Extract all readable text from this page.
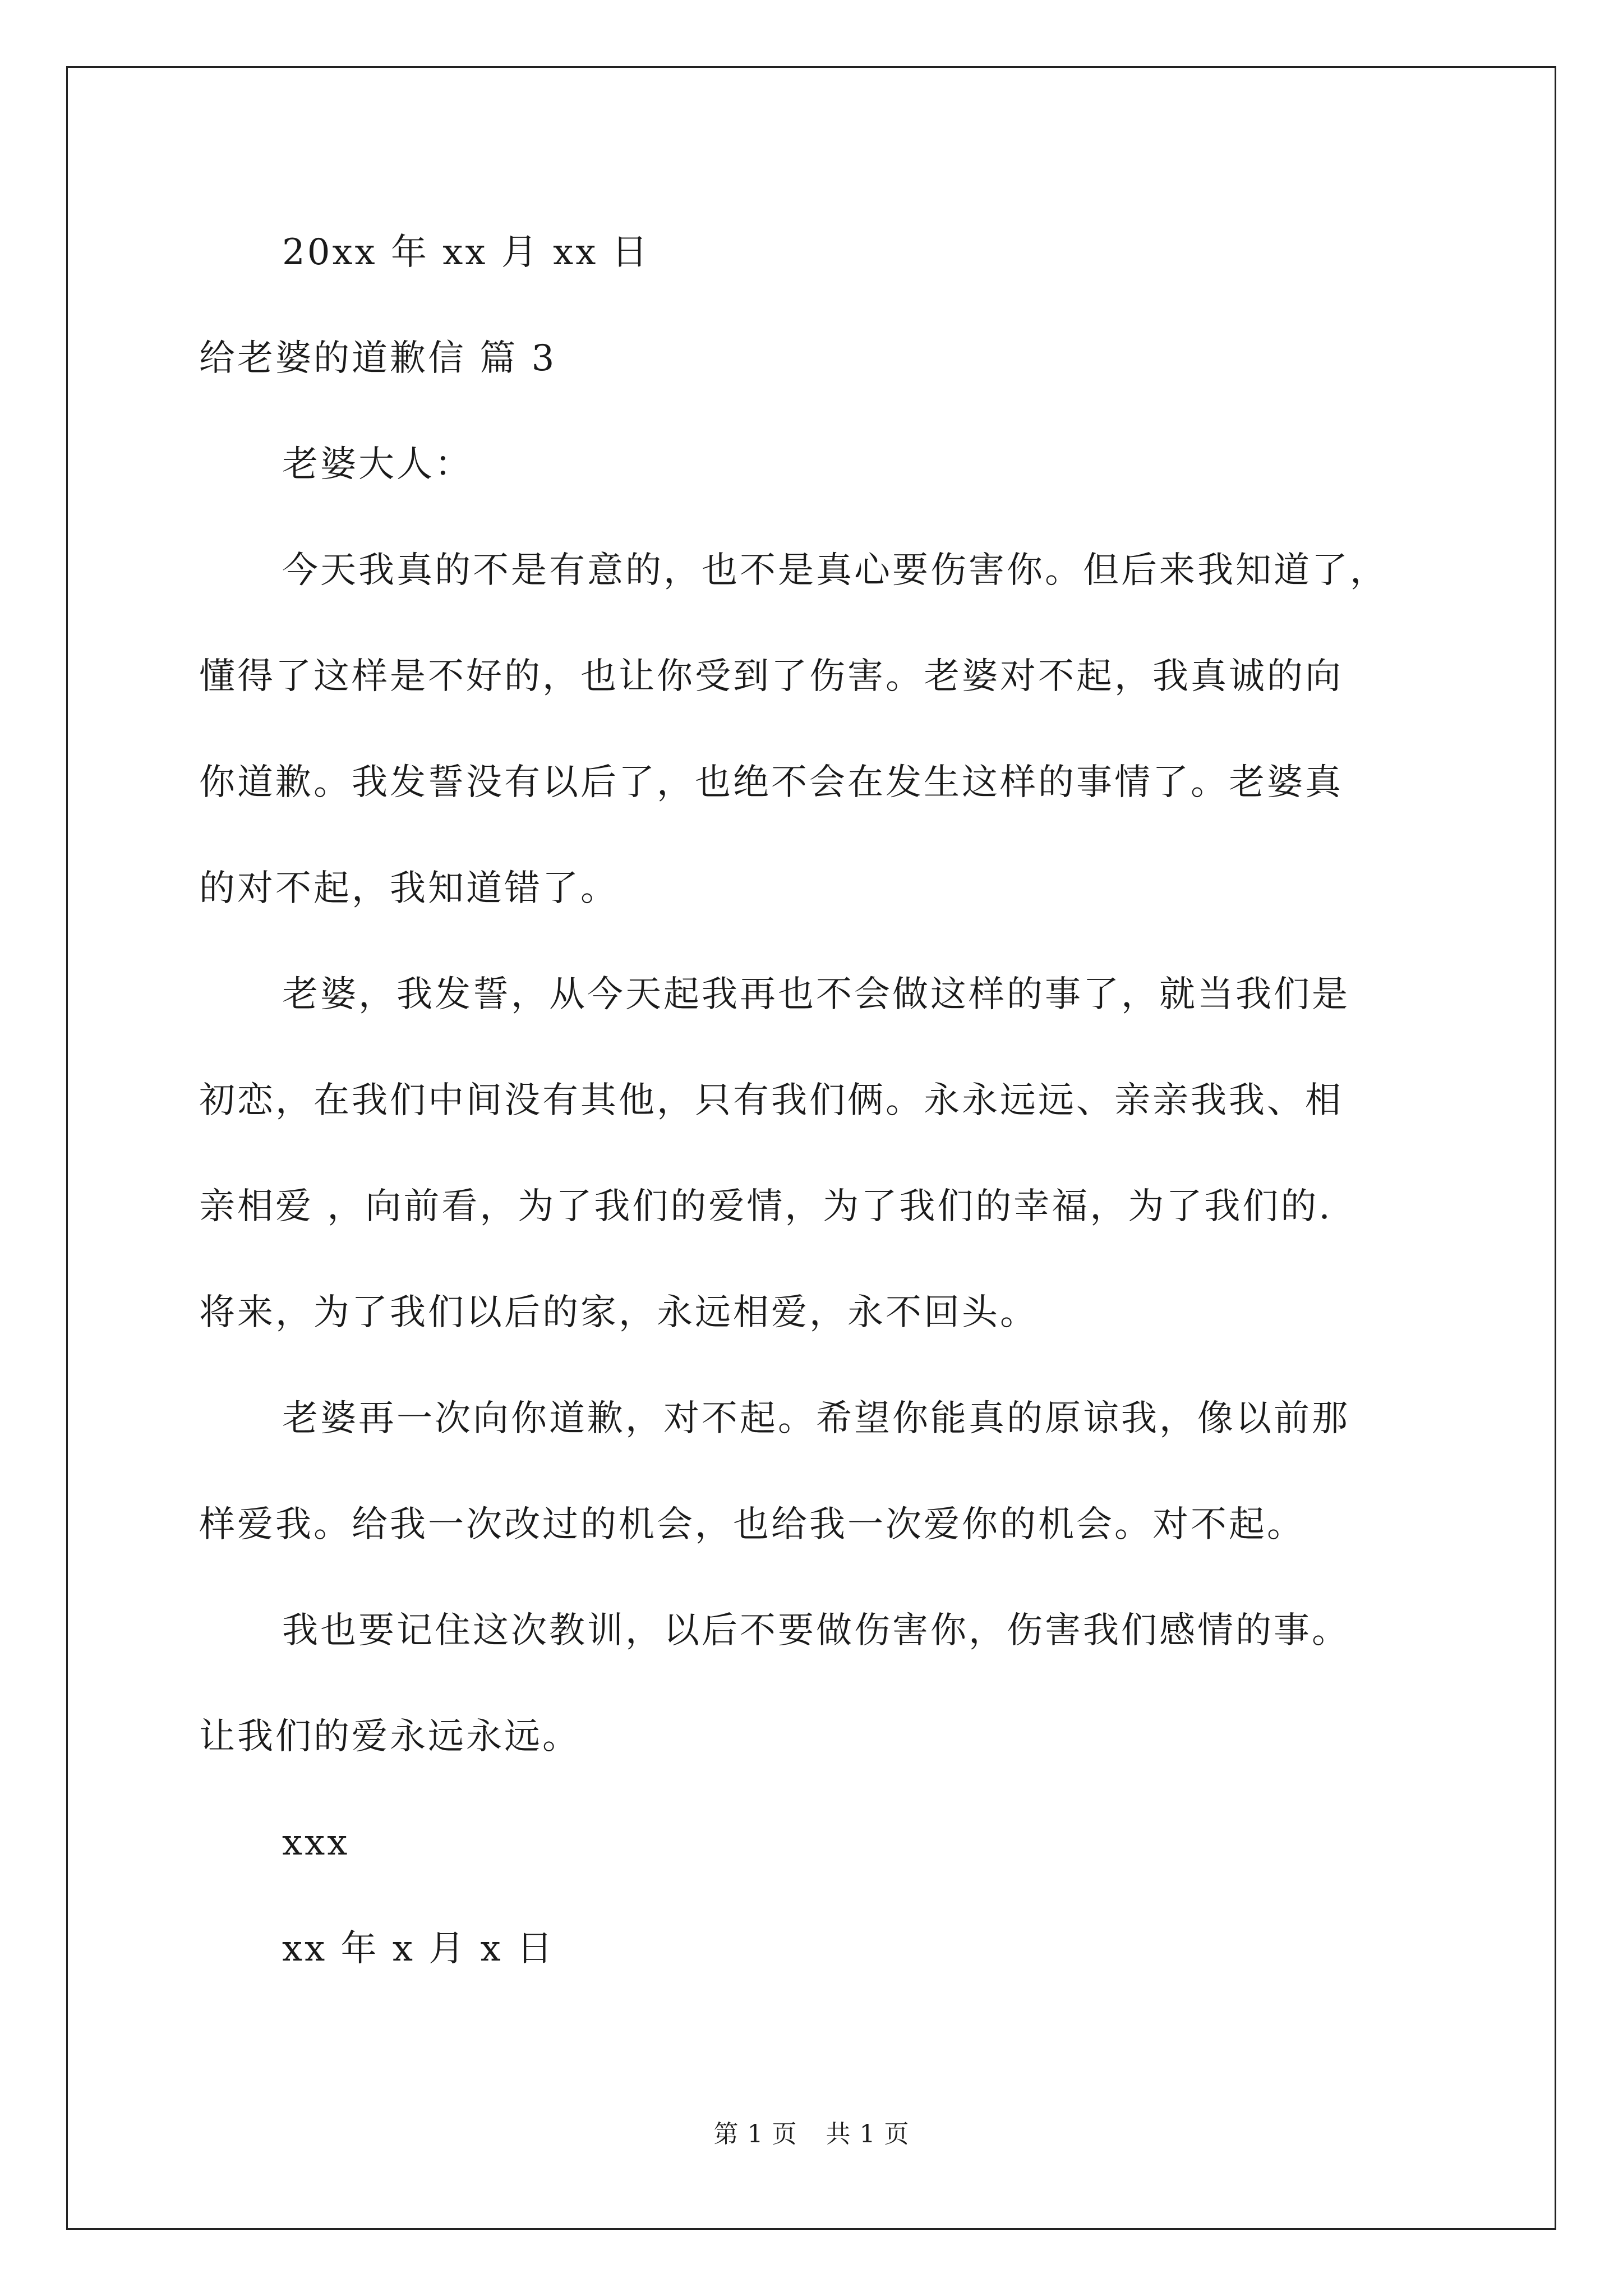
20xx 年 xx 月 xx 日
给老婆的道歉信 篇 3
老婆大人：
今天我真的不是有意的，也不是真心要伤害你。但后来我知道了，
懂得了这样是不好的，也让你受到了伤害。老婆对不起，我真诚的向
你道歉。我发誓没有以后了，也绝不会在发生这样的事情了。老婆真
的对不起，我知道错了。
老婆，我发誓，从今天起我再也不会做这样的事了，就当我们是
初恋，在我们中间没有其他，只有我们俩。永永远远、亲亲我我、相
亲相爱 ，向前看，为了我们的爱情，为了我们的幸福，为了我们的.
将来，为了我们以后的家，永远相爱，永不回头。
老婆再一次向你道歉，对不起。希望你能真的原谅我，像以前那
样爱我。给我一次改过的机会，也给我一次爱你的机会。对不起。
我也要记住这次教训，以后不要做伤害你，伤害我们感情的事。
让我们的爱永远永远。
xxx
xx 年 x 月 x 日
第 1 页 共 1 页
